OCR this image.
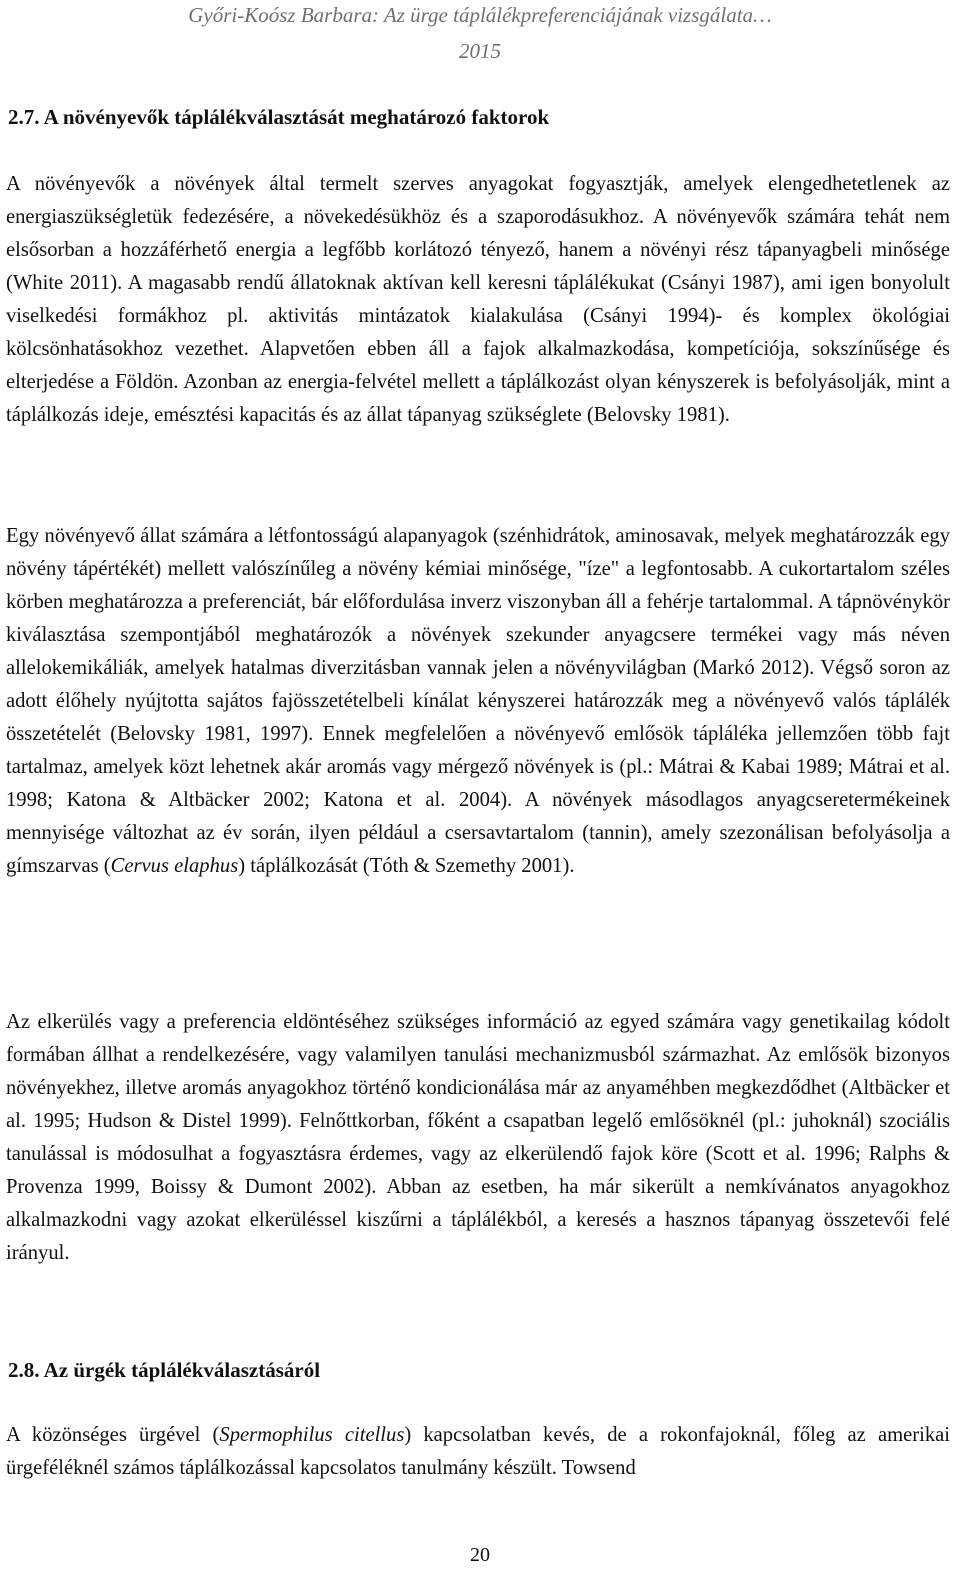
Győri-Koósz Barbara: Az ürge táplálékpreferenciájának vizsgálata…
2015
2.7. A növényevők táplálékválasztását meghatározó faktorok

A növényevők a növények által termelt szerves anyagokat fogyasztják, amelyek elengedhetetlenek az energiaszükségletük fedezésére, a növekedésükhöz és a szaporodásukhoz. A növényevők számára tehát nem elsősorban a hozzáférhető energia a legfőbb korlátozó tényező, hanem a növényi rész tápanyagbeli minősége (White 2011). A magasabb rendű állatoknak aktívan kell keresni táplálékukat (Csányi 1987), ami igen bonyolult viselkedési formákhoz pl. aktivitás mintázatok kialakulása (Csányi 1994)- és komplex ökológiai kölcsönhatásokhoz vezethet. Alapvetően ebben áll a fajok alkalmazkodása, kompetíciója, sokszínűsége és elterjedése a Földön. Azonban az energia-felvétel mellett a táplálkozást olyan kényszerek is befolyásolják, mint a táplálkozás ideje, emésztési kapacitás és az állat tápanyag szükséglete (Belovsky 1981).

Egy növényevő állat számára a létfontosságú alapanyagok (szénhidrátok, aminosavak, melyek meghatározzák egy növény tápértékét) mellett valószínűleg a növény kémiai minősége, "íze" a legfontosabb. A cukortartalom széles körben meghatározza a preferenciát, bár előfordulása inverz viszonyban áll a fehérje tartalommal. A tápnövénykör kiválasztása szempontjából meghatározók a növények szekunder anyagcsere termékei vagy más néven allelokemikáliák, amelyek hatalmas diverzitásban vannak jelen a növényvilágban (Markó 2012). Végső soron az adott élőhely nyújtotta sajátos fajösszetételbeli kínálat kényszerei határozzák meg a növényevő valós táplálék összetételét (Belovsky 1981, 1997). Ennek megfelelően a növényevő emlősök tápláléka jellemzően több fajt tartalmaz, amelyek közt lehetnek akár aromás vagy mérgező növények is (pl.: Mátrai & Kabai 1989; Mátrai et al. 1998; Katona & Altbäcker 2002; Katona et al. 2004). A növények másodlagos anyagcseretermékeinek mennyisége változhat az év során, ilyen például a csersavtartalom (tannin), amely szezonálisan befolyásolja a gímszarvas (Cervus elaphus) táplálkozását (Tóth & Szemethy 2001).

Az elkerülés vagy a preferencia eldöntéséhez szükséges információ az egyed számára vagy genetikailag kódolt formában állhat a rendelkezésére, vagy valamilyen tanulási mechanizmusból származhat. Az emlősök bizonyos növényekhez, illetve aromás anyagokhoz történő kondicionálása már az anyaméhben megkezdődhet (Altbäcker et al. 1995; Hudson & Distel 1999). Felnőttkorban, főként a csapatban legelő emlősöknél (pl.: juhoknál) szociális tanulással is módosulhat a fogyasztásra érdemes, vagy az elkerülendő fajok köre (Scott et al. 1996; Ralphs & Provenza 1999, Boissy & Dumont 2002). Abban az esetben, ha már sikerült a nemkívánatos anyagokhoz alkalmazkodni vagy azokat elkerüléssel kiszűrni a táplálékból, a keresés a hasznos tápanyag összetevői felé irányul.

2.8. Az ürgék táplálékválasztásáról

A közönséges ürgével (Spermophilus citellus) kapcsolatban kevés, de a rokonfajoknál, főleg az amerikai ürgeféléknél számos táplálkozással kapcsolatos tanulmány készült. Towsend

20
